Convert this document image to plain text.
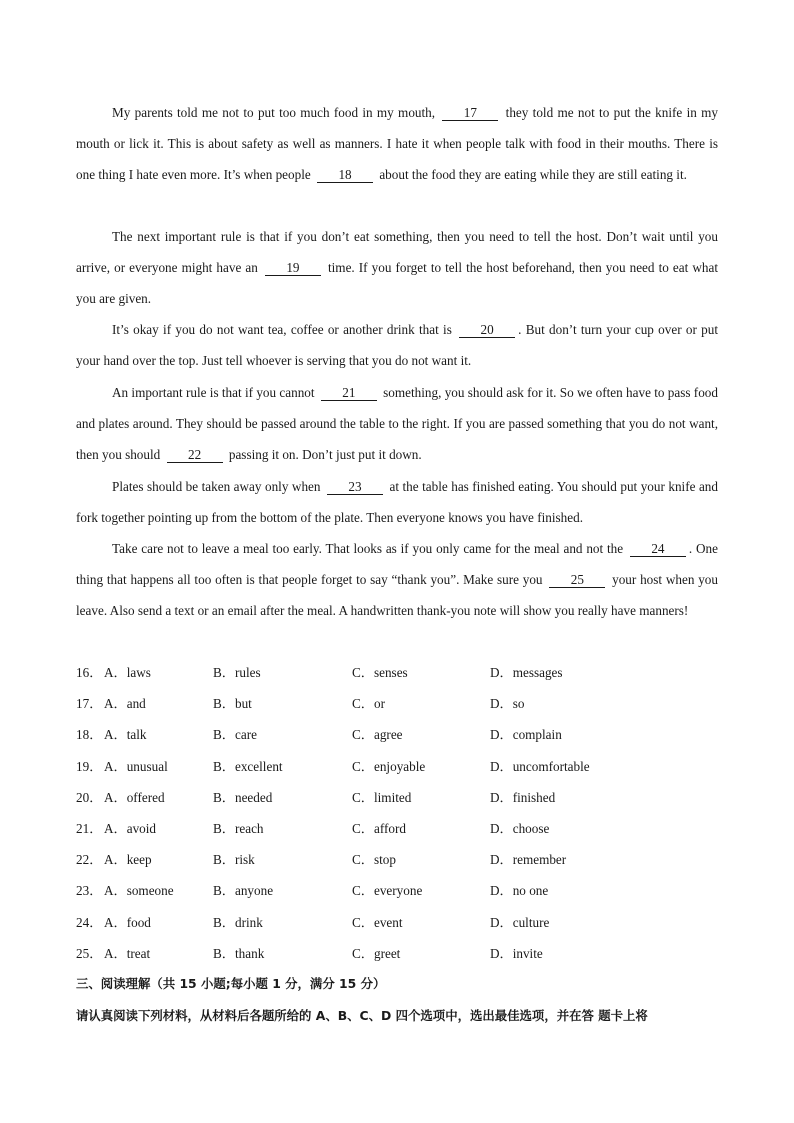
My parents told me not to put too much food in my mouth, 17 they told me not to put the knife in my mouth or lick it. This is about safety as well as manners. I hate it when people talk with food in their mouths. There is one thing I hate even more. It’s when people 18 about the food they are eating while they are still eating it.

The next important rule is that if you don’t eat something, then you need to tell the host. Don’t wait until you arrive, or everyone might have an 19 time. If you forget to tell the host beforehand, then you need to eat what you are given.

It’s okay if you do not want tea, coffee or another drink that is 20 . But don’t turn your cup over or put your hand over the top. Just tell whoever is serving that you do not want it.

An important rule is that if you cannot 21 something, you should ask for it. So we often have to pass food and plates around. They should be passed around the table to the right. If you are passed something that you do not want, then you should 22 passing it on. Don’t just put it down.

Plates should be taken away only when 23 at the table has finished eating. You should put your knife and fork together pointing up from the bottom of the plate. Then everyone knows you have finished.

Take care not to leave a meal too early. That looks as if you only came for the meal and not the 24 . One thing that happens all too often is that people forget to say “thank you”. Make sure you 25 your host when you leave. Also send a text or an email after the meal. A handwritten thank-you note will show you really have manners!

16． A．laws	B．rules	C．senses	D．messages
17． A．and	B．but	C．or	D．so
18． A．talk	B．care	C．agree	D．complain
19． A．unusual	B．excellent	C．enjoyable	D．uncomfortable
20． A．offered	B．needed	C．limited	D．finished
21． A．avoid	B．reach	C．afford	D．choose
22． A．keep	B．risk	C．stop	D．remember
23． A．someone	B．anyone	C．everyone	D．no one
24． A．food	B．drink	C．event	D．culture
25． A．treat	B．thank	C．greet	D．invite
三、阅读理解（共 15 小题;每小题 1 分，满分 15 分）
请认真阅读下列材料，从材料后各题所给的 A、B、C、D 四个选项中，选出最佳选项，并在答 题卡上将
